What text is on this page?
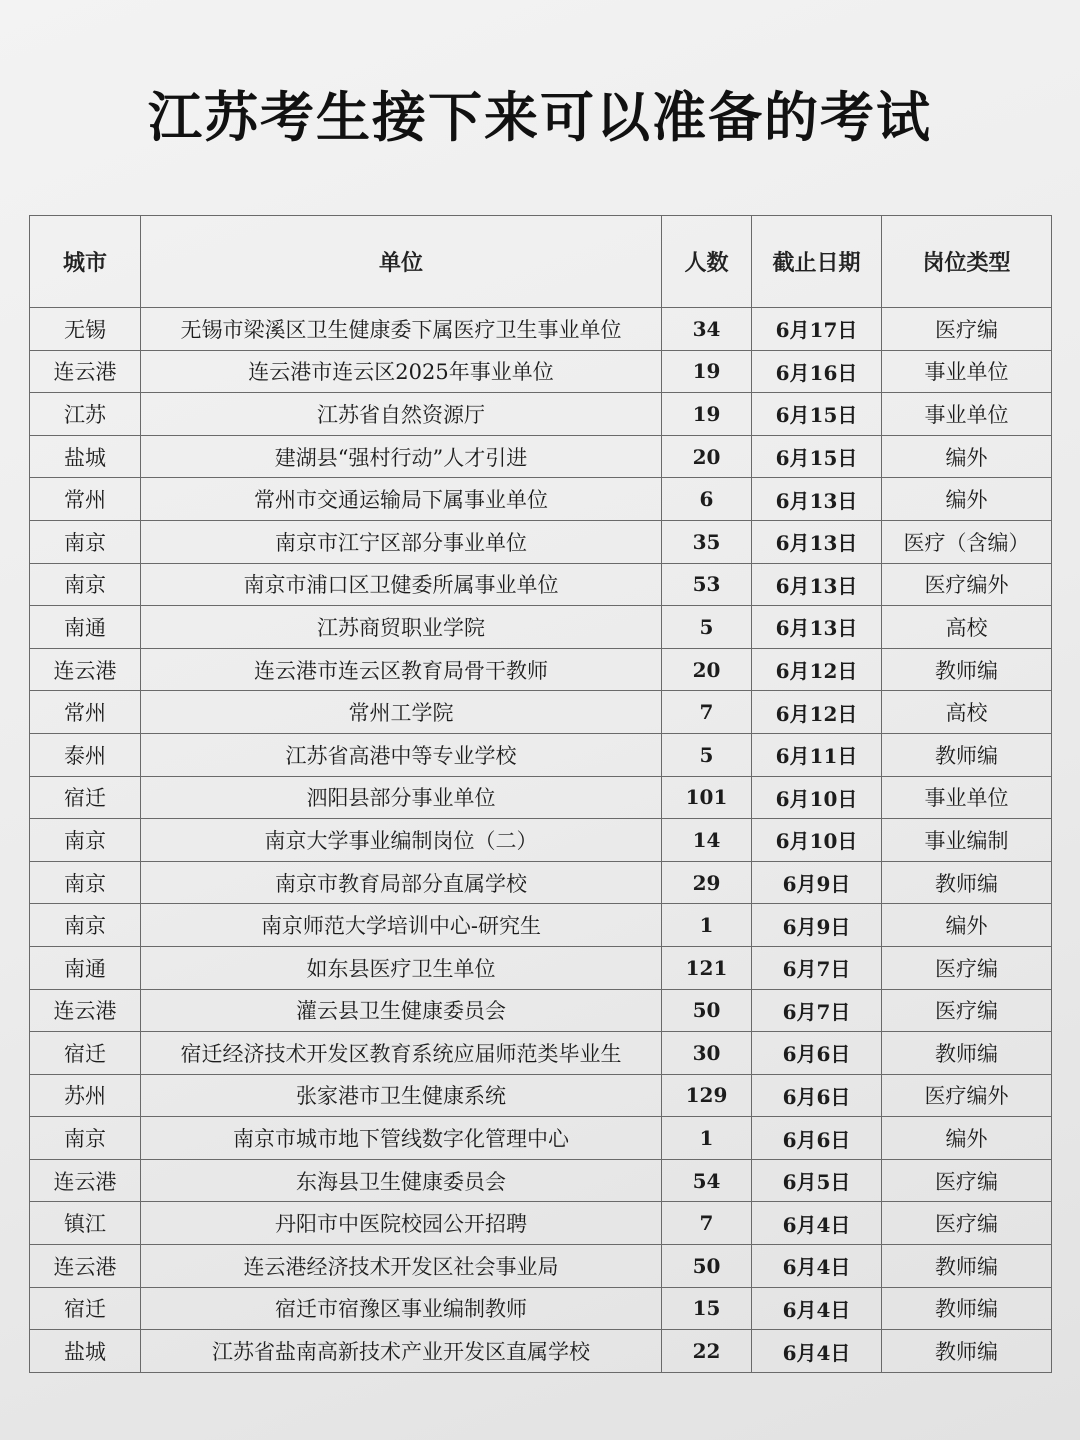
江苏考生接下来可以准备的考试
城市	单位	人数	截止日期	岗位类型
无锡	无锡市梁溪区卫生健康委下属医疗卫生事业单位	34	6月17日	医疗编
连云港	连云港市连云区2025年事业单位	19	6月16日	事业单位
江苏	江苏省自然资源厅	19	6月15日	事业单位
盐城	建湖县“强村行动”人才引进	20	6月15日	编外
常州	常州市交通运输局下属事业单位	6	6月13日	编外
南京	南京市江宁区部分事业单位	35	6月13日	医疗（含编）
南京	南京市浦口区卫健委所属事业单位	53	6月13日	医疗编外
南通	江苏商贸职业学院	5	6月13日	高校
连云港	连云港市连云区教育局骨干教师	20	6月12日	教师编
常州	常州工学院	7	6月12日	高校
泰州	江苏省高港中等专业学校	5	6月11日	教师编
宿迁	泗阳县部分事业单位	101	6月10日	事业单位
南京	南京大学事业编制岗位（二）	14	6月10日	事业编制
南京	南京市教育局部分直属学校	29	6月9日	教师编
南京	南京师范大学培训中心-研究生	1	6月9日	编外
南通	如东县医疗卫生单位	121	6月7日	医疗编
连云港	灌云县卫生健康委员会	50	6月7日	医疗编
宿迁	宿迁经济技术开发区教育系统应届师范类毕业生	30	6月6日	教师编
苏州	张家港市卫生健康系统	129	6月6日	医疗编外
南京	南京市城市地下管线数字化管理中心	1	6月6日	编外
连云港	东海县卫生健康委员会	54	6月5日	医疗编
镇江	丹阳市中医院校园公开招聘	7	6月4日	医疗编
连云港	连云港经济技术开发区社会事业局	50	6月4日	教师编
宿迁	宿迁市宿豫区事业编制教师	15	6月4日	教师编
盐城	江苏省盐南高新技术产业开发区直属学校	22	6月4日	教师编
